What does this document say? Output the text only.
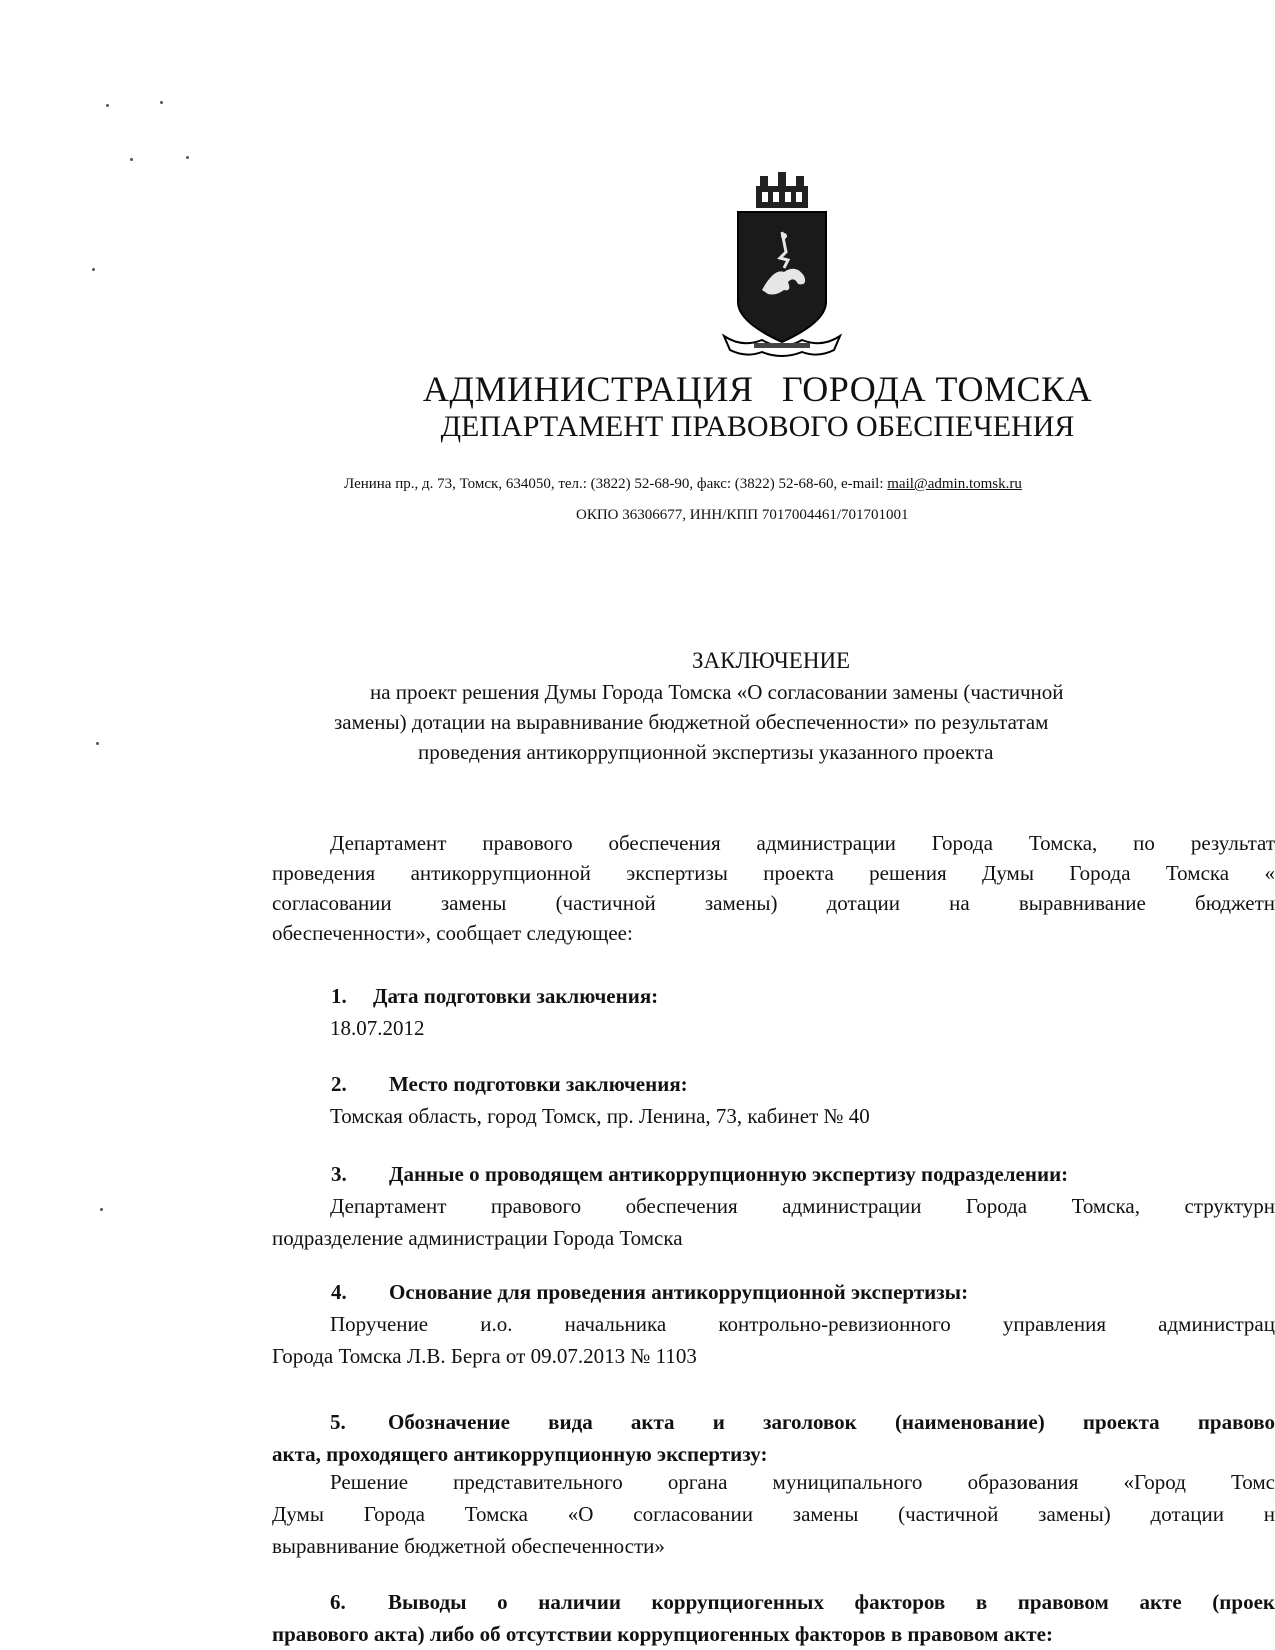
АДМИНИСТРАЦИЯ   ГОРОДА ТОМСКА
ДЕПАРТАМЕНТ ПРАВОВОГО ОБЕСПЕЧЕНИЯ
Ленина пр., д. 73, Томск, 634050, тел.: (3822) 52-68-90, факс: (3822) 52-68-60, e-mail: mail@admin.tomsk.ru
ОКПО 36306677, ИНН/КПП 7017004461/701701001
ЗАКЛЮЧЕНИЕ
на проект решения Думы Города Томска «О согласовании замены (частичной
замены) дотации на выравнивание бюджетной обеспеченности» по результатам
проведения антикоррупционной экспертизы указанного проекта
Департамент правового обеспечения администрации Города Томска, по результат
проведения антикоррупционной экспертизы проекта решения Думы Города Томска «
согласовании замены (частичной замены) дотации на выравнивание бюджетн
обеспеченности», сообщает следующее:
1. Дата подготовки заключения:
18.07.2012
2. Место подготовки заключения:
Томская область, город Томск, пр. Ленина, 73, кабинет № 40
3. Данные о проводящем антикоррупционную экспертизу подразделении:
Департамент правового обеспечения администрации Города Томска, структурн
подразделение администрации Города Томска
4. Основание для проведения антикоррупционной экспертизы:
Поручение и.о. начальника контрольно-ревизионного управления администрац
Города Томска Л.В. Берга от 09.07.2013 № 1103
5. Обозначение вида акта и заголовок (наименование) проекта правово
акта, проходящего антикоррупционную экспертизу:
Решение представительного органа муниципального образования «Город Томс
Думы Города Томска «О согласовании замены (частичной замены) дотации н
выравнивание бюджетной обеспеченности»
6. Выводы о наличии коррупциогенных факторов в правовом акте (проек
правового акта) либо об отсутствии коррупциогенных факторов в правовом акте:
